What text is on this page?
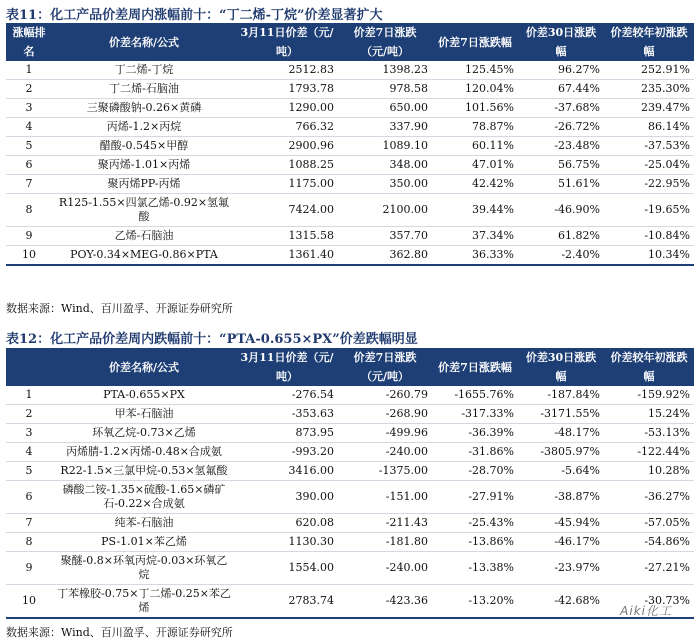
表11：化工产品价差周内涨幅前十：“丁二烯-丁烷”价差显著扩大
涨幅排名	价差名称/公式	3月11日价差（元/吨）	价差7日涨跌（元/吨）	价差7日涨跌幅	价差30日涨跌幅	价差较年初涨跌幅
1	丁二烯-丁烷	2512.83	1398.23	125.45%	96.27%	252.91%
2	丁二烯-石脑油	1793.78	978.58	120.04%	67.44%	235.30%
3	三聚磷酸钠-0.26×黄磷	1290.00	650.00	101.56%	-37.68%	239.47%
4	丙烯-1.2×丙烷	766.32	337.90	78.87%	-26.72%	86.14%
5	醋酸-0.545×甲醇	2900.96	1089.10	60.11%	-23.48%	-37.53%
6	聚丙烯-1.01×丙烯	1088.25	348.00	47.01%	56.75%	-25.04%
7	聚丙烯PP-丙烯	1175.00	350.00	42.42%	51.61%	-22.95%
8	R125-1.55×四氯乙烯-0.92×氢氟酸	7424.00	2100.00	39.44%	-46.90%	-19.65%
9	乙烯-石脑油	1315.58	357.70	37.34%	61.82%	-10.84%
10	POY-0.34×MEG-0.86×PTA	1361.40	362.80	36.33%	-2.40%	10.34%
数据来源：Wind、百川盈孚、开源证券研究所
表12：化工产品价差周内跌幅前十：“PTA-0.655×PX”价差跌幅明显
	价差名称/公式	3月11日价差（元/吨）	价差7日涨跌（元/吨）	价差7日涨跌幅	价差30日涨跌幅	价差较年初涨跌幅
1	PTA-0.655×PX	-276.54	-260.79	-1655.76%	-187.84%	-159.92%
2	甲苯-石脑油	-353.63	-268.90	-317.33%	-3171.55%	15.24%
3	环氧乙烷-0.73×乙烯	873.95	-499.96	-36.39%	-48.17%	-53.13%
4	丙烯腈-1.2×丙烯-0.48×合成氨	-993.20	-240.00	-31.86%	-3805.97%	-122.44%
5	R22-1.5×三氯甲烷-0.53×氢氟酸	3416.00	-1375.00	-28.70%	-5.64%	10.28%
6	磷酸二铵-1.35×硫酸-1.65×磷矿石-0.22×合成氨	390.00	-151.00	-27.91%	-38.87%	-36.27%
7	纯苯-石脑油	620.08	-211.43	-25.43%	-45.94%	-57.05%
8	PS-1.01×苯乙烯	1130.30	-181.80	-13.86%	-46.17%	-54.86%
9	聚醚-0.8×环氧丙烷-0.03×环氧乙烷	1554.00	-240.00	-13.38%	-23.97%	-27.21%
10	丁苯橡胶-0.75×丁二烯-0.25×苯乙烯	2783.74	-423.36	-13.20%	-42.68%	-30.73%
数据来源：Wind、百川盈孚、开源证券研究所
Aiki化工
